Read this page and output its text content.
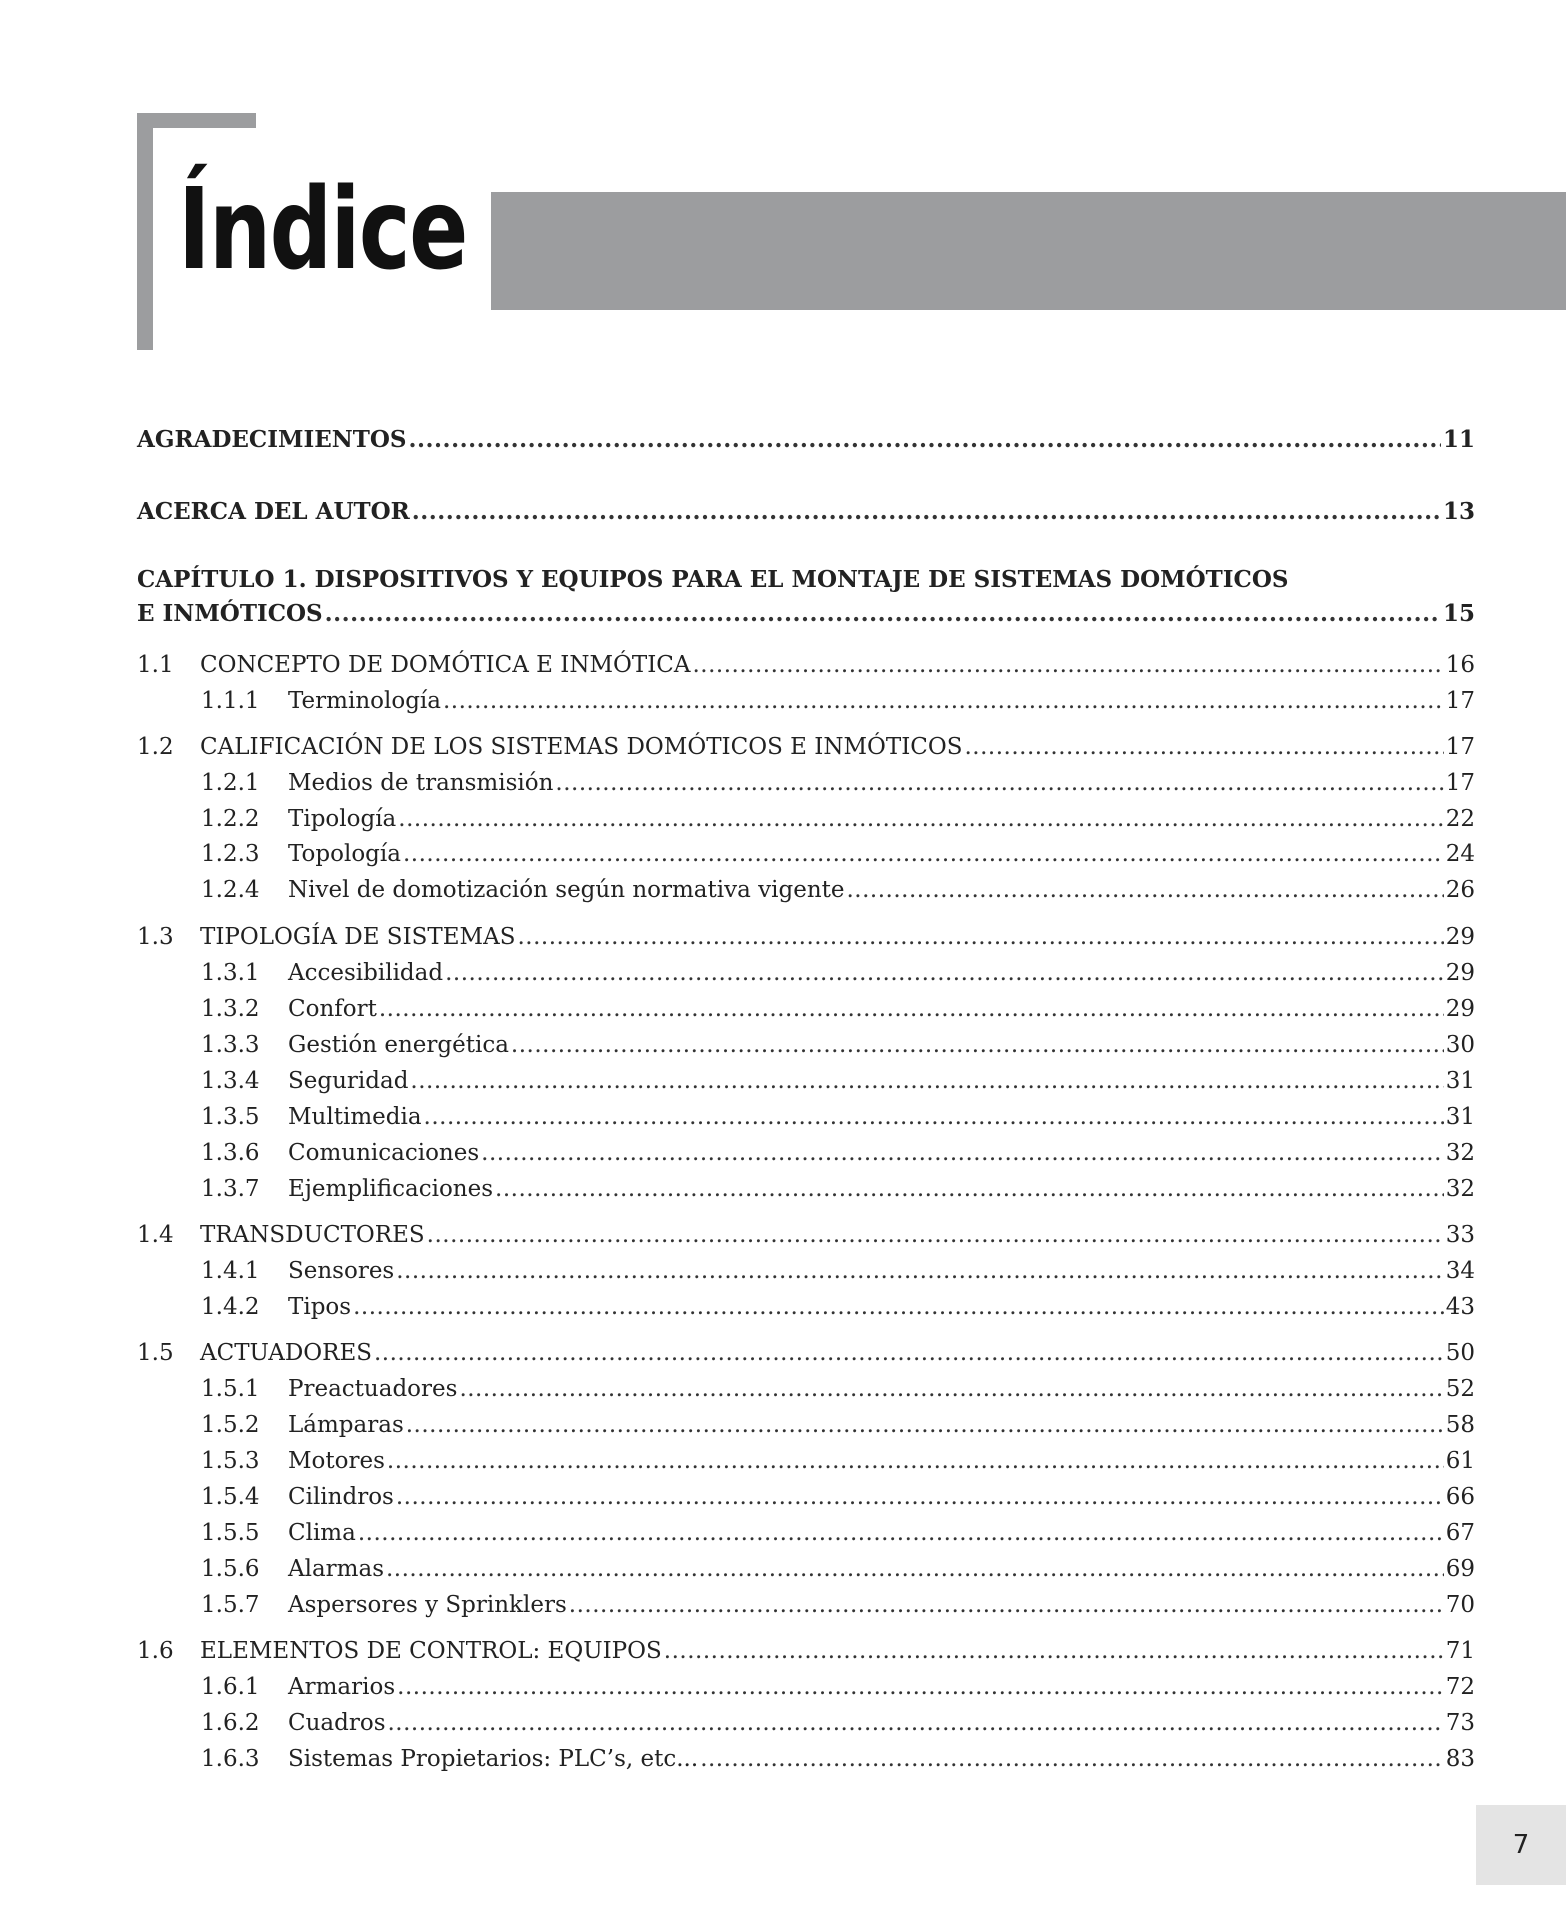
Índice
AGRADECIMIENTOS .....	11
ACERCA DEL AUTOR .....	13
CAPÍTULO 1. DISPOSITIVOS Y EQUIPOS PARA EL MONTAJE DE SISTEMAS DOMÓTICOS
E INMÓTICOS .....	15
1.1	CONCEPTO DE DOMÓTICA E INMÓTICA .....	16
1.1.1	Terminología .....	17
1.2	CALIFICACIÓN DE LOS SISTEMAS DOMÓTICOS E INMÓTICOS .....	17
1.2.1	Medios de transmisión .....	17
1.2.2	Tipología .....	22
1.2.3	Topología .....	24
1.2.4	Nivel de domotización según normativa vigente .....	26
1.3	TIPOLOGÍA DE SISTEMAS .....	29
1.3.1	Accesibilidad .....	29
1.3.2	Confort .....	29
1.3.3	Gestión energética .....	30
1.3.4	Seguridad .....	31
1.3.5	Multimedia .....	31
1.3.6	Comunicaciones .....	32
1.3.7	Ejemplificaciones .....	32
1.4	TRANSDUCTORES .....	33
1.4.1	Sensores .....	34
1.4.2	Tipos .....	43
1.5	ACTUADORES .....	50
1.5.1	Preactuadores .....	52
1.5.2	Lámparas .....	58
1.5.3	Motores .....	61
1.5.4	Cilindros .....	66
1.5.5	Clima .....	67
1.5.6	Alarmas .....	69
1.5.7	Aspersores y Sprinklers .....	70
1.6	ELEMENTOS DE CONTROL: EQUIPOS .....	71
1.6.1	Armarios .....	72
1.6.2	Cuadros .....	73
1.6.3	Sistemas Propietarios: PLC’s, etc... .....	83
7
